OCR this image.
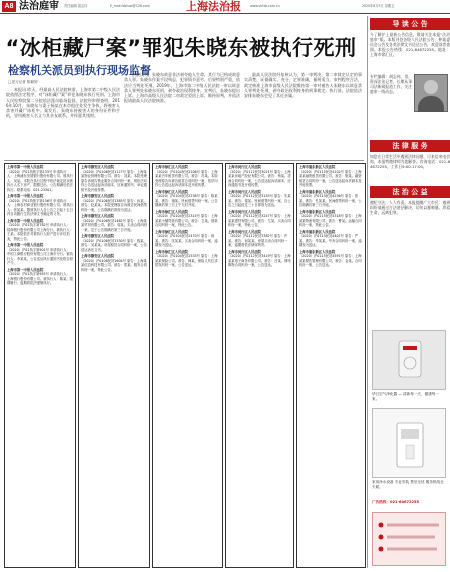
A8 法治庭审 责任编辑 胡志伟	E_mail:fzbhzw@126.com	上海法治报	www.shfzb.com.cn	2020年6月5日 星期五
“冰柜藏尸案”罪犯朱晓东被执行死刑
检察机关派员到执行现场监督
□见习记者 陈颖婷

本报讯 昨天，经最高人民法院核准，上海市第二中级人民法院依照法定程序，对“冰柜藏尸案”罪犯朱晓东执行死刑。上海市人民检察院第二分院依法派员临场监督。法院经审理查明，2016年10月，朱晓东与妻子杨某在本市租住处发生争执，将被害人杀害并藏尸冰柜中。案发后，朱晓东持被害人的身份证件和手机，冒用被害人名义与其亲友联系，并挥霍其钱财。

法院认为，朱晓东故意非法剥夺他人生命，其行为已构成故意杀人罪。朱晓东作案手段残忍，犯罪情节恶劣，后果特别严重，依法应当判处死刑。2019年，上海市第二中级人民法院一审以故意杀人罪判处朱晓东死刑，剥夺政治权利终身。宣判后，朱晓东提出上诉。上海市高级人民法院二审裁定驳回上诉，维持原判，并依法报请最高人民法院核准。

最高人民法院经复核认为，第一审判决、第二审裁定认定的事实清楚，证据确实、充分，定罪准确，量刑适当，审判程序合法，裁定核准上海市高级人民法院维持第一审对被告人朱晓东以故意杀人罪判处死刑，剥夺政治权利终身的刑事裁定。执行前，法院依法安排朱晓东会见了其近亲属。

上海市第一中级人民法院
（2020）沪01执恢字第133号 申请执行人：上海浦东发展银行股份有限公司。被执行人：吴某。本院在执行过程中依法裁定拍卖被执行人名下房产，限期迁出。公告期满后依法执行。联系电话：021-23301。
上海市第一中级人民法院
（2020）沪01执恢字第156号 申请执行人：上海农村商业银行股份有限公司。被执行人：张某某。限被执行人自公告之日起十五日内自动履行生效法律文书确定的义务。
上海市第一中级人民法院
（2020）沪01执字第782号 申请执行人：招商银行股份有限公司上海分行。被执行人：王某。本院依法对被执行人财产进行评估拍卖，特此公告。
上海市第一中级人民法院
（2020）沪01执字第901号 申请执行人：中国工商银行股份有限公司上海市分行。被执行人：李某某。公告送达执行通知书及报告财产令。
上海市第一中级人民法院
（2020）沪01执字第955号 申请执行人：上海银行股份有限公司。被执行人：陈某。限期履行，逾期将依法强制执行。
上海市静安区人民法院
（2020）沪0106民初1127号 原告：上海某某物业管理有限公司。被告：刘某。本院受理原告诉被告物业服务合同纠纷一案，现依法向你公告送达起诉状副本、应诉通知书、举证通知书及开庭传票。
上海市静安区人民法院
（2020）沪0106民初1385号 原告：孙某。被告：赵某某。本院受理原告诉被告民间借贷纠纷一案，公告期满后即视为送达。
上海市静安区人民法院
（2020）沪0106民初1462号 原告：上海某某贸易有限公司。被告：周某。买卖合同纠纷一案，定于公告期满后第三日开庭。
上海市静安区人民法院
（2020）沪0106民初1530号 原告：钱某。被告：吴某某。房屋租赁合同纠纷一案，公告送达诉讼文书。
上海市静安区人民法院
（2020）沪0106民初1604号 原告：上海某某信息科技有限公司。被告：郑某。服务合同纠纷一案，特此公告。
上海市徐汇区人民法院
（2020）沪0104民初2106号 原告：上海某某汽车租赁有限公司。被告：冯某。本院受理原告诉被告租赁合同纠纷一案，依法向你公告送达起诉状副本及开庭传票。
上海市徐汇区人民法院
（2020）沪0104民初2238号 原告：陈某某。被告：褚某。民间借贷纠纷一案，公告期满后第三日上午九时开庭。
上海市徐汇区人民法院
（2020）沪0104民初2315号 原告：上海某某小额贷款有限公司。被告：卫某。借款合同纠纷一案，特此公告。
上海市徐汇区人民法院
（2020）沪0104民初2470号 原告：蒋某。被告：沈某某。买卖合同纠纷一案，逾期视为送达。
上海市徐汇区人民法院
（2020）沪0104民初2533号 原告：上海某某保险公司。被告：韩某。保险人代位求偿权纠纷一案，公告送达。
上海市闵行区人民法院
（2020）沪0112民初3021号 原告：上海某某房地产经纪有限公司。被告：杨某。居间合同纠纷一案，公告送达起诉状副本、应诉通知书及开庭传票。
上海市闵行区人民法院
（2020）沪0112民初3155号 原告：朱某某。被告：秦某。民间借贷纠纷一案，自公告之日起经过三十日即视为送达。
上海市闵行区人民法院
（2020）沪0112民初3247号 原告：上海某某建材有限公司。被告：尤某。买卖合同纠纷一案，特此公告。
上海市闵行区人民法院
（2020）沪0112民初3382号 原告：许某。被告：何某某。房屋买卖合同纠纷一案，逾期将依法缺席判决。
上海市闵行区人民法院
（2020）沪0112民初3419号 原告：上海某某电子商务有限公司。被告：吕某。网络购物合同纠纷一案，公告送达。
上海市浦东新区人民法院
（2020）沪0115民初4102号 原告：上海某某融资租赁有限公司。被告：施某。融资租赁合同纠纷一案，公告送达起诉状副本及开庭传票。
上海市浦东新区人民法院
（2020）沪0115民初4236号 原告：张某。被告：孔某某。民间借贷纠纷一案，公告期满后第三日开庭。
上海市浦东新区人民法院
（2020）沪0115民初4318号 原告：上海某某物流有限公司。被告：曹某。运输合同纠纷一案，特此公告。
上海市浦东新区人民法院
（2020）沪0115民初4407号 原告：严某。被告：华某某。劳务合同纠纷一案，逾期视为送达。
上海市浦东新区人民法院
（2020）沪0115民初4591号 原告：上海某某餐饮管理有限公司。被告：金某。合同纠纷一案，公告送达。
导 读 公 告
今了解沪上最新公告信息，敬请关注本报“法治庭审”版。本版刊登各级人民法院公告、仲裁委员会公告及各类法律文书送达公告，欢迎读者查阅。本报公告热线：021-64672255。地址：上海市徐汇区。
专栏编辑：胡志伟，男，资深法治记者，长期从事司法新闻报道工作，关注庭审一线动态。
法 律 服 务
如您在日常生活中遇到法律问题，可来信来电咨询，本报特邀律师为您解答。咨询电话：021-64672255，工作日9:00-17:00。
法 治 公 益
遵纪守法，人人有责。本报提醒广大市民：遇到纠纷请通过合法途径解决，切勿以暴制暴。珍爱生命，远离犯罪。
华日空气净化器 — 清新每一天，健康每一家。
家用净水设备 专业安装 售后无忧 服务热线全天候。
广告热线：021-64672255
